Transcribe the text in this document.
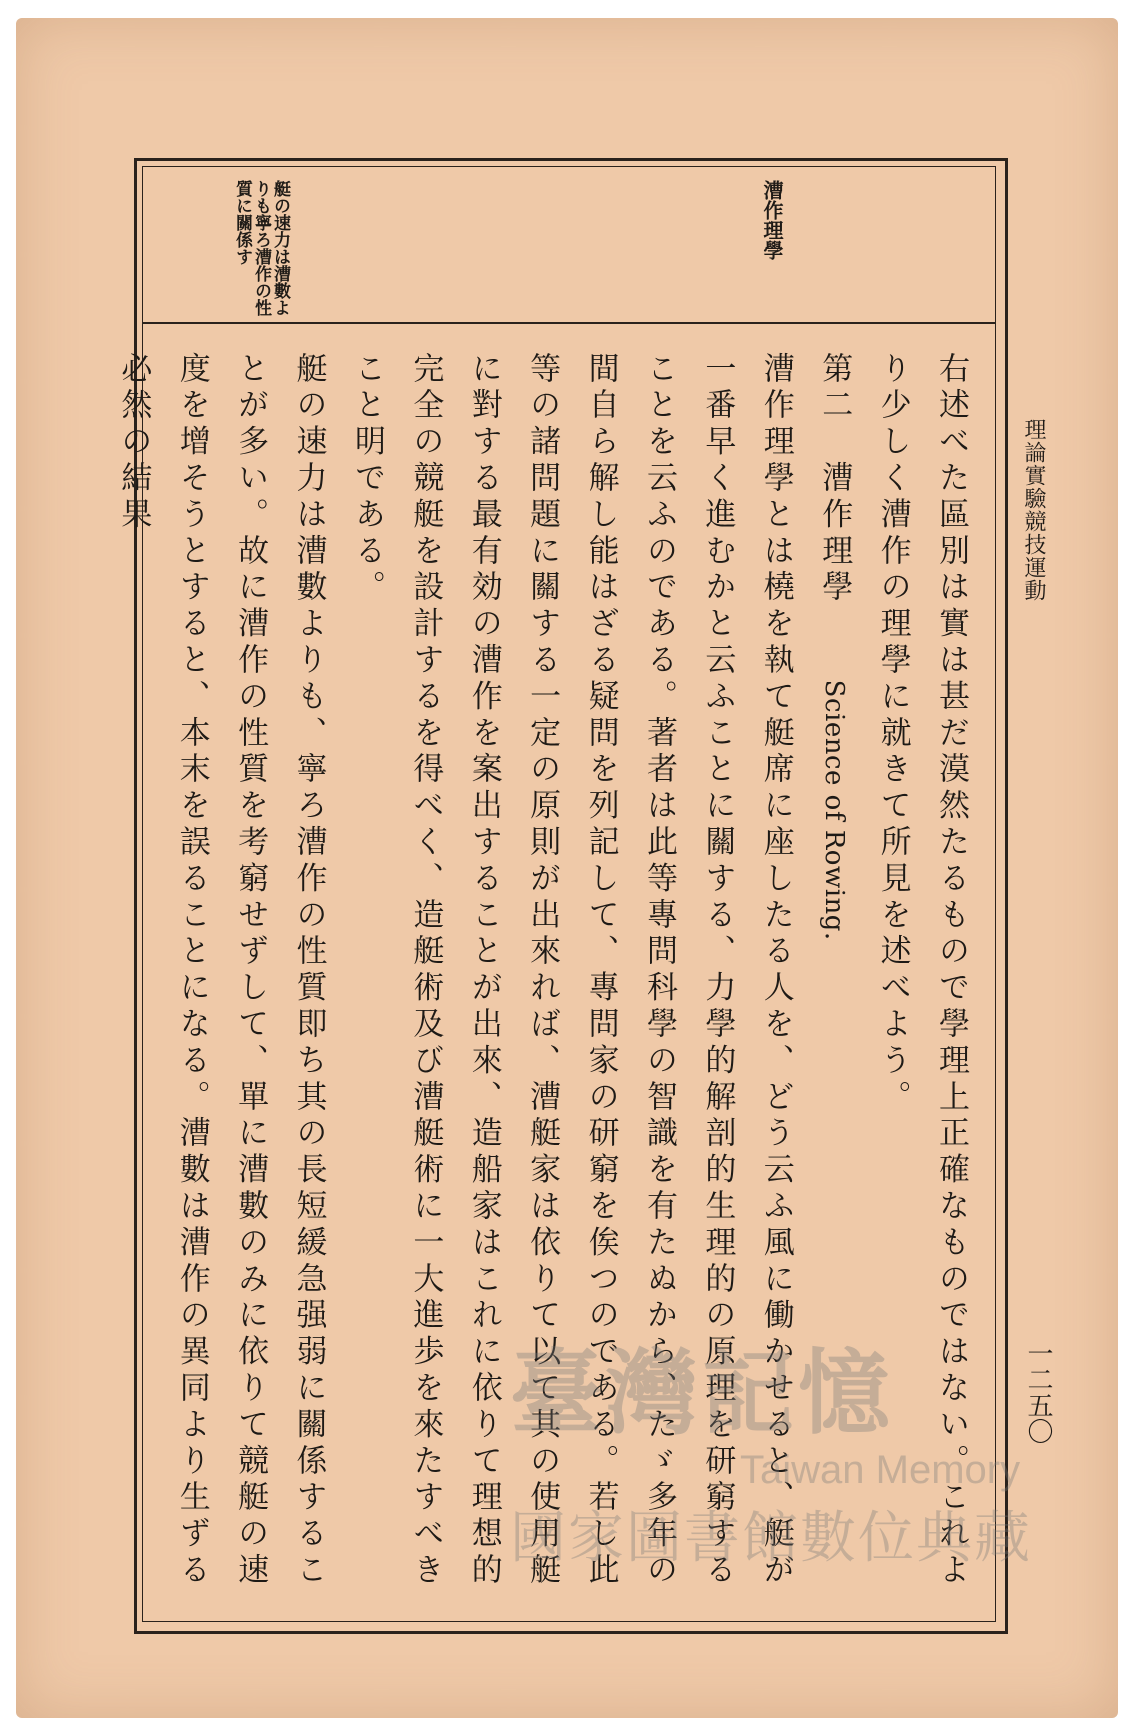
理論實驗競技運動
一二五〇
漕作理學
艇の速力は漕數よりも寧ろ漕作の性質に關係す

右述べた區別は實は甚だ漠然たるもので學理上正確なものではない。これより少しく漕作の理學に就きて所見を述べよう。

第二　漕作理學　　Science of Rowing.

漕作理學とは橈を執て艇席に座したる人を、どう云ふ風に働かせると、艇が一番早く進むかと云ふことに關する、力學的解剖的生理的の原理を研窮することを云ふのである。著者は此等專問科學の智識を有たぬから、たゞ多年の間自ら解し能はざる疑問を列記して、專問家の研窮を俟つのである。若し此等の諸問題に關する一定の原則が出來れば、漕艇家は依りて以て其の使用艇に對する最有効の漕作を案出することが出來、造船家はこれに依りて理想的完全の競艇を設計するを得べく、造艇術及び漕艇術に一大進歩を來たすべきこと明である。

艇の速力は漕數よりも、寧ろ漕作の性質即ち其の長短緩急强弱に關係することが多い。故に漕作の性質を考窮せずして、單に漕數のみに依りて競艇の速度を增そうとすると、本末を誤ることになる。漕數は漕作の異同より生ずる必然の結果

臺灣記憶
Taiwan Memory
國家圖書館數位典藏
